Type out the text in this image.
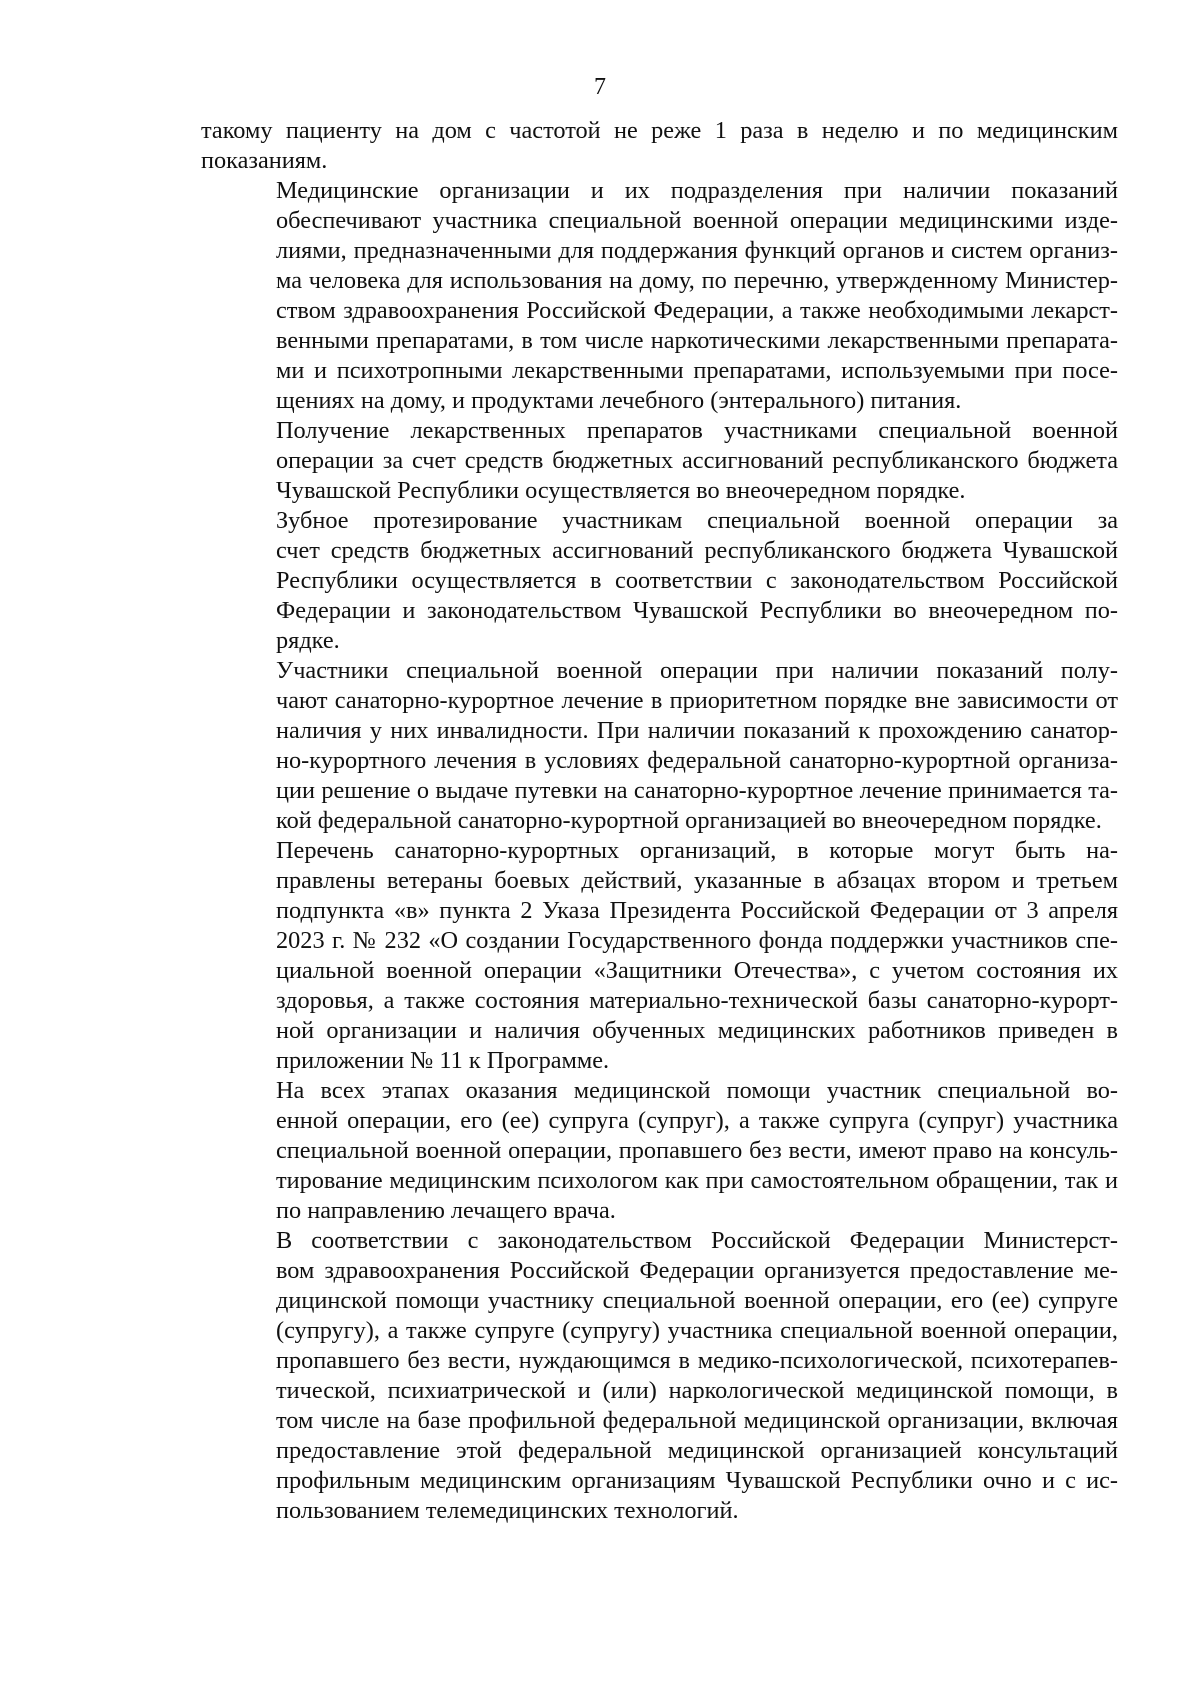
7
такому пациенту на дом с частотой не реже 1 раза в неделю и по медицинским
показаниям.
Медицинские организации и их подразделения при наличии показаний
обеспечивают участника специальной военной операции медицинскими изде-
лиями, предназначенными для поддержания функций органов и систем организ-
ма человека для использования на дому, по перечню, утвержденному Министер-
ством здравоохранения Российской Федерации, а также необходимыми лекарст-
венными препаратами, в том числе наркотическими лекарственными препарата-
ми и психотропными лекарственными препаратами, используемыми при посе-
щениях на дому, и продуктами лечебного (энтерального) питания.
Получение лекарственных препаратов участниками специальной военной
операции за счет средств бюджетных ассигнований республиканского бюджета
Чувашской Республики осуществляется во внеочередном порядке.
Зубное протезирование участникам специальной военной операции за
счет средств бюджетных ассигнований республиканского бюджета Чувашской
Республики осуществляется в соответствии с законодательством Российской
Федерации и законодательством Чувашской Республики во внеочередном по-
рядке.
Участники специальной военной операции при наличии показаний полу-
чают санаторно-курортное лечение в приоритетном порядке вне зависимости от
наличия у них инвалидности. При наличии показаний к прохождению санатор-
но-курортного лечения в условиях федеральной санаторно-курортной организа-
ции решение о выдаче путевки на санаторно-курортное лечение принимается та-
кой федеральной санаторно-курортной организацией во внеочередном порядке.
Перечень санаторно-курортных организаций, в которые могут быть на-
правлены ветераны боевых действий, указанные в абзацах втором и третьем
подпункта «в» пункта 2 Указа Президента Российской Федерации от 3 апреля
2023 г. № 232 «О создании Государственного фонда поддержки участников спе-
циальной военной операции «Защитники Отечества», с учетом состояния их
здоровья, а также состояния материально-технической базы санаторно-курорт-
ной организации и наличия обученных медицинских работников приведен в
приложении № 11 к Программе.
На всех этапах оказания медицинской помощи участник специальной во-
енной операции, его (ее) супруга (супруг), а также супруга (супруг) участника
специальной военной операции, пропавшего без вести, имеют право на консуль-
тирование медицинским психологом как при самостоятельном обращении, так и
по направлению лечащего врача.
В соответствии с законодательством Российской Федерации Министерст-
вом здравоохранения Российской Федерации организуется предоставление ме-
дицинской помощи участнику специальной военной операции, его (ее) супруге
(супругу), а также супруге (супругу) участника специальной военной операции,
пропавшего без вести, нуждающимся в медико-психологической, психотерапев-
тической, психиатрической и (или) наркологической медицинской помощи, в
том числе на базе профильной федеральной медицинской организации, включая
предоставление этой федеральной медицинской организацией консультаций
профильным медицинским организациям Чувашской Республики очно и с ис-
пользованием телемедицинских технологий.
